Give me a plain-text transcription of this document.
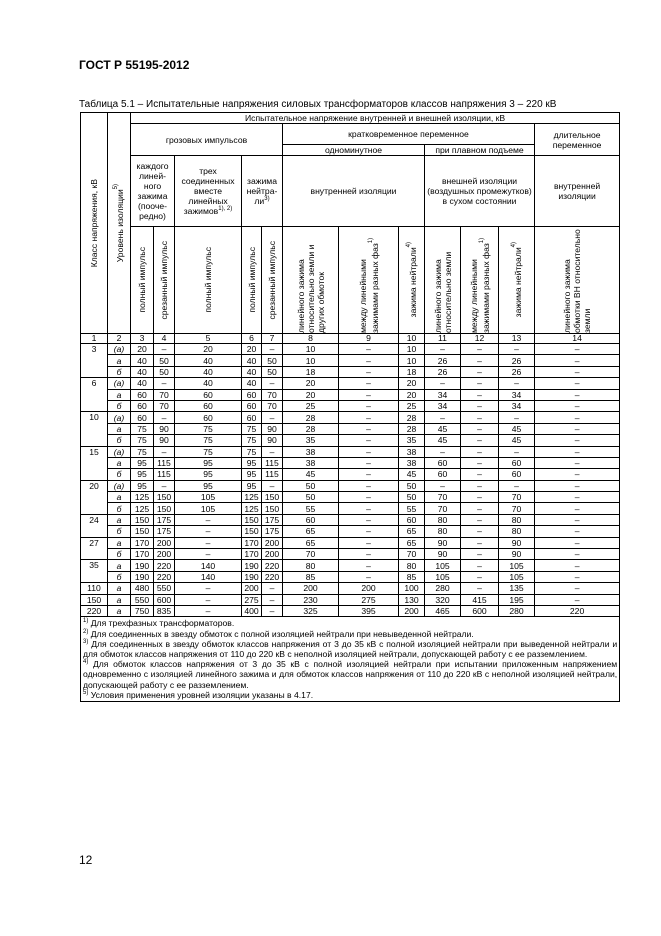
ГОСТ Р 55195-2012
Таблица 5.1 – Испытательные напряжения силовых трансформаторов классов напряжения 3 – 220 кВ
Класс напряжения, кВ	Уровень изоляции$^{5)}$	Испытательное напряжение внутренней и внешней изоляции, кВ											
		грозовых импульсов					кратковременное переменное						длительное переменное
							одноминутное			при плавном подъеме			
		каждого линей-ного зажима (пооче-редно)		трех соединенных вместе линейных зажимов$^{1), 2)}$	зажима нейтра-$ли^{3)}$		внутренней изоляции			внешней изоляции (воздушных промежутков) в сухом состоянии			внутренней изоляции

		полный импульс	срезанный импульс	полный импульс	полный импульс	срезанный импульс	линейного зажима относительно земли и других обмоток	между линейными зажимами разных фаз$^{1)}$	зажима нейтрали$^{4)}$	линейного зажима относительно земли	между линейными зажимами разных фаз$^{1)}$	зажима нейтрали$^{4)}$	линейного зажима обмотки ВН относительно земли

1	2	3	4	5	6	7	8	9	10	11	12	13	14
3	(а)	20	–	20	20	–	10	–	10	–	–	–	–
	а	40	50	40	40	50	10	–	10	26	–	26	–
	б	40	50	40	40	50	18	–	18	26	–	26	–
6	(а)	40	–	40	40	–	20	–	20	–	–	–	–
	а	60	70	60	60	70	20	–	20	34	–	34	–
	б	60	70	60	60	70	25	–	25	34	–	34	–
10	(а)	60	–	60	60	–	28	–	28	–	–	–	–
	а	75	90	75	75	90	28	–	28	45	–	45	–
	б	75	90	75	75	90	35	–	35	45	–	45	–
15	(а)	75	–	75	75	–	38	–	38	–	–	–	–
	а	95	115	95	95	115	38	–	38	60	–	60	–
	б	95	115	95	95	115	45	–	45	60	–	60	–
20	(а)	95	–	95	95	–	50	–	50	–	–	–	–
	а	125	150	105	125	150	50	–	50	70	–	70	–
	б	125	150	105	125	150	55	–	55	70	–	70	–
24	а	150	175	–	150	175	60	–	60	80	–	80	–
	б	150	175	–	150	175	65	–	65	80	–	80	–
27	а	170	200	–	170	200	65	–	65	90	–	90	–
	б	170	200	–	170	200	70	–	70	90	–	90	–
35	а	190	220	140	190	220	80	–	80	105	–	105	–
	б	190	220	140	190	220	85	–	85	105	–	105	–
110	а	480	550	–	200	–	200	200	100	280	–	135	–
150	а	550	600	–	275	–	230	275	130	320	415	195	–
220	а	750	835	–	400	–	325	395	200	465	600	280	220

$^{1)}$ Для трехфазных трансформаторов.
$^{2)}$ Для соединенных в звезду обмоток с полной изоляцией нейтрали при невыведенной нейтрали.
$^{3)}$ Для соединенных в звезду обмоток классов напряжения от 3 до 35 кВ с полной изоляцией нейтрали при выведенной нейтрали и для обмоток классов напряжения от 110 до 220 кВ с неполной изоляцией нейтрали, допускающей работу с ее разземлением.
$^{4)}$ Для обмоток классов напряжения от 3 до 35 кВ с полной изоляцией нейтрали при испытании приложенным напряжением одновременно с изоляцией линейного зажима и для обмоток классов напряжения от 110 до 220 кВ с неполной изоляцией нейтрали, допускающей работу с ее разземлением.
$^{5)}$ Условия применения уровней изоляции указаны в 4.17.													
12
